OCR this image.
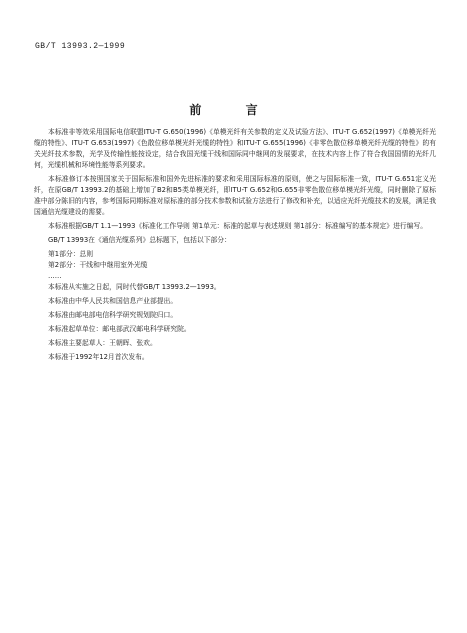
GB/T 13993.2—1999
前 言

本标准非等效采用国际电信联盟ITU-T G.650(1996)《单模光纤有关参数的定义及试验方法》、ITU-T G.652(1997)《单模光纤光缆的特性》、ITU-T G.653(1997)《色散位移单模光纤光缆的特性》和ITU-T G.655(1996)《非零色散位移单模光纤光缆的特性》的有关光纤技术参数，光学及传输性能按设定，结合我国光缆干线和国际同中继网的发展要求，在技术内容上作了符合我国国情的光纤几何，光缆机械和环境性能等系列要求。

本标准修订本按照国家关于国际标准和国外先进标准的要求和采用国际标准的原则，使之与国际标准一致，ITU-T G.651定义光纤，在原GB/T 13993.2的基础上增加了B2和B5类单模光纤，即ITU-T G.652和G.655非零色散位移单模光纤光缆，同时删除了原标准中部分陈旧的内容，参考国际同期标准对原标准的部分技术参数和试验方法进行了修改和补充，以适应光纤光缆技术的发展，满足我国通信光缆建设的需要。

本标准根据GB/T 1.1—1993《标准化工作导则 第1单元：标准的起草与表述规则 第1部分：标准编写的基本规定》进行编写。

GB/T 13993在《通信光缆系列》总标题下，包括以下部分：

第1部分：总则
第2部分：干线和中继用室外光缆
……

本标准从实施之日起，同时代替GB/T 13993.2—1993。

本标准由中华人民共和国信息产业部提出。

本标准由邮电部电信科学研究规划院归口。

本标准起草单位：邮电部武汉邮电科学研究院。

本标准主要起草人：王朝晖、张欢。

本标准于1992年12月首次发布。
